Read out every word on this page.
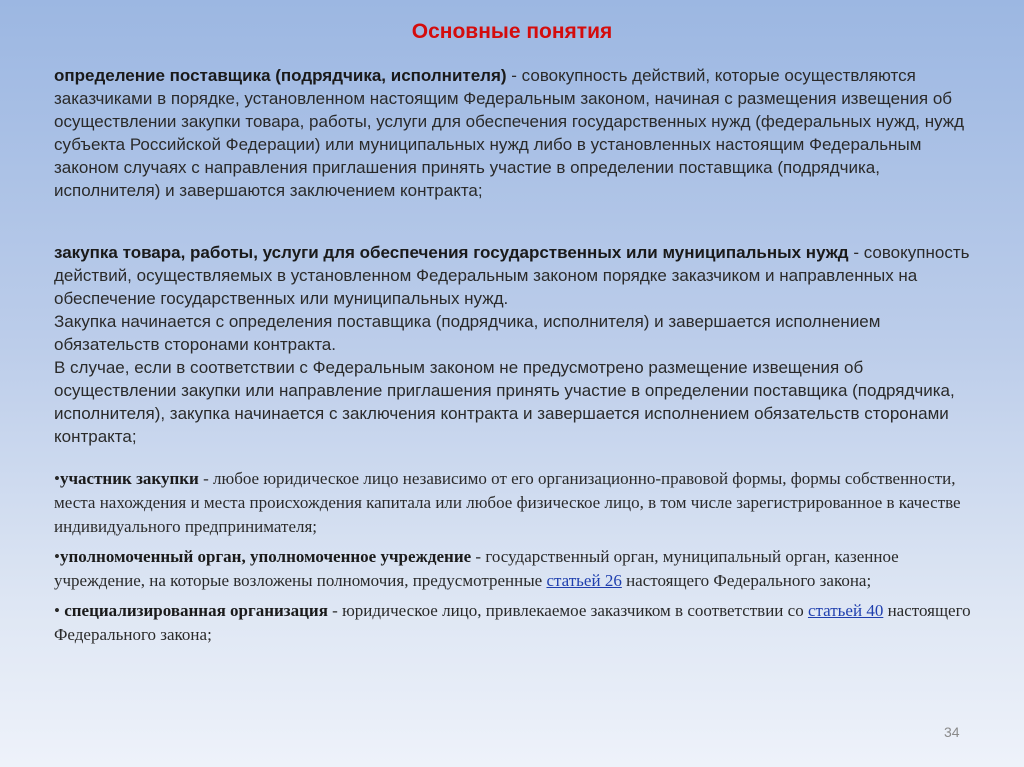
Основные понятия

определение поставщика (подрядчика, исполнителя) - совокупность действий, которые осуществляются заказчиками в порядке, установленном настоящим Федеральным законом, начиная с размещения извещения об осуществлении закупки товара, работы, услуги для обеспечения государственных нужд (федеральных нужд, нужд субъекта Российской Федерации) или муниципальных нужд либо в установленных настоящим Федеральным законом случаях с направления приглашения принять участие в определении поставщика (подрядчика, исполнителя) и завершаются заключением контракта;

закупка товара, работы, услуги для обеспечения государственных или муниципальных нужд - совокупность действий, осуществляемых в установленном Федеральным законом порядке заказчиком и направленных на обеспечение государственных или муниципальных нужд.

Закупка начинается с определения поставщика (подрядчика, исполнителя) и завершается исполнением обязательств сторонами контракта.

В случае, если в соответствии с Федеральным законом не предусмотрено размещение извещения об осуществлении закупки или направление приглашения принять участие в определении поставщика (подрядчика, исполнителя), закупка начинается с заключения контракта и завершается исполнением обязательств сторонами контракта;

•участник закупки - любое юридическое лицо независимо от его организационно-правовой формы, формы собственности, места нахождения и места происхождения капитала или любое физическое лицо, в том числе зарегистрированное в качестве индивидуального предпринимателя;

•уполномоченный орган, уполномоченное учреждение - государственный орган, муниципальный орган, казенное учреждение, на которые возложены полномочия, предусмотренные статьей 26 настоящего Федерального закона;

• специализированная организация - юридическое лицо, привлекаемое заказчиком в соответствии со статьей 40 настоящего Федерального закона;

34
